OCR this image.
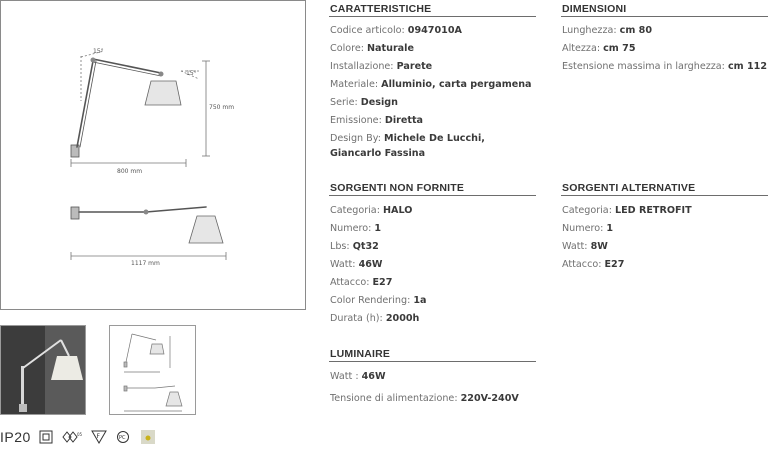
15°
15°
750 mm
800 mm
1117 mm
IP20	05 F	PC
CARATTERISTICHE
Codice articolo: 0947010A
Colore: Naturale
Installazione: Parete
Materiale: Alluminio, carta pergamena
Serie: Design
Emissione: Diretta
Design By: Michele De Lucchi, Giancarlo Fassina
DIMENSIONI
Lunghezza: cm 80
Altezza: cm 75
Estensione massima in larghezza: cm 112
SORGENTI NON FORNITE
Categoria: HALO
Numero: 1
Lbs: Qt32
Watt: 46W
Attacco: E27
Color Rendering: 1a
Durata (h): 2000h
SORGENTI ALTERNATIVE
Categoria: LED RETROFIT
Numero: 1
Watt: 8W
Attacco: E27
LUMINAIRE
Watt : 46W
Tensione di alimentazione: 220V-240V
